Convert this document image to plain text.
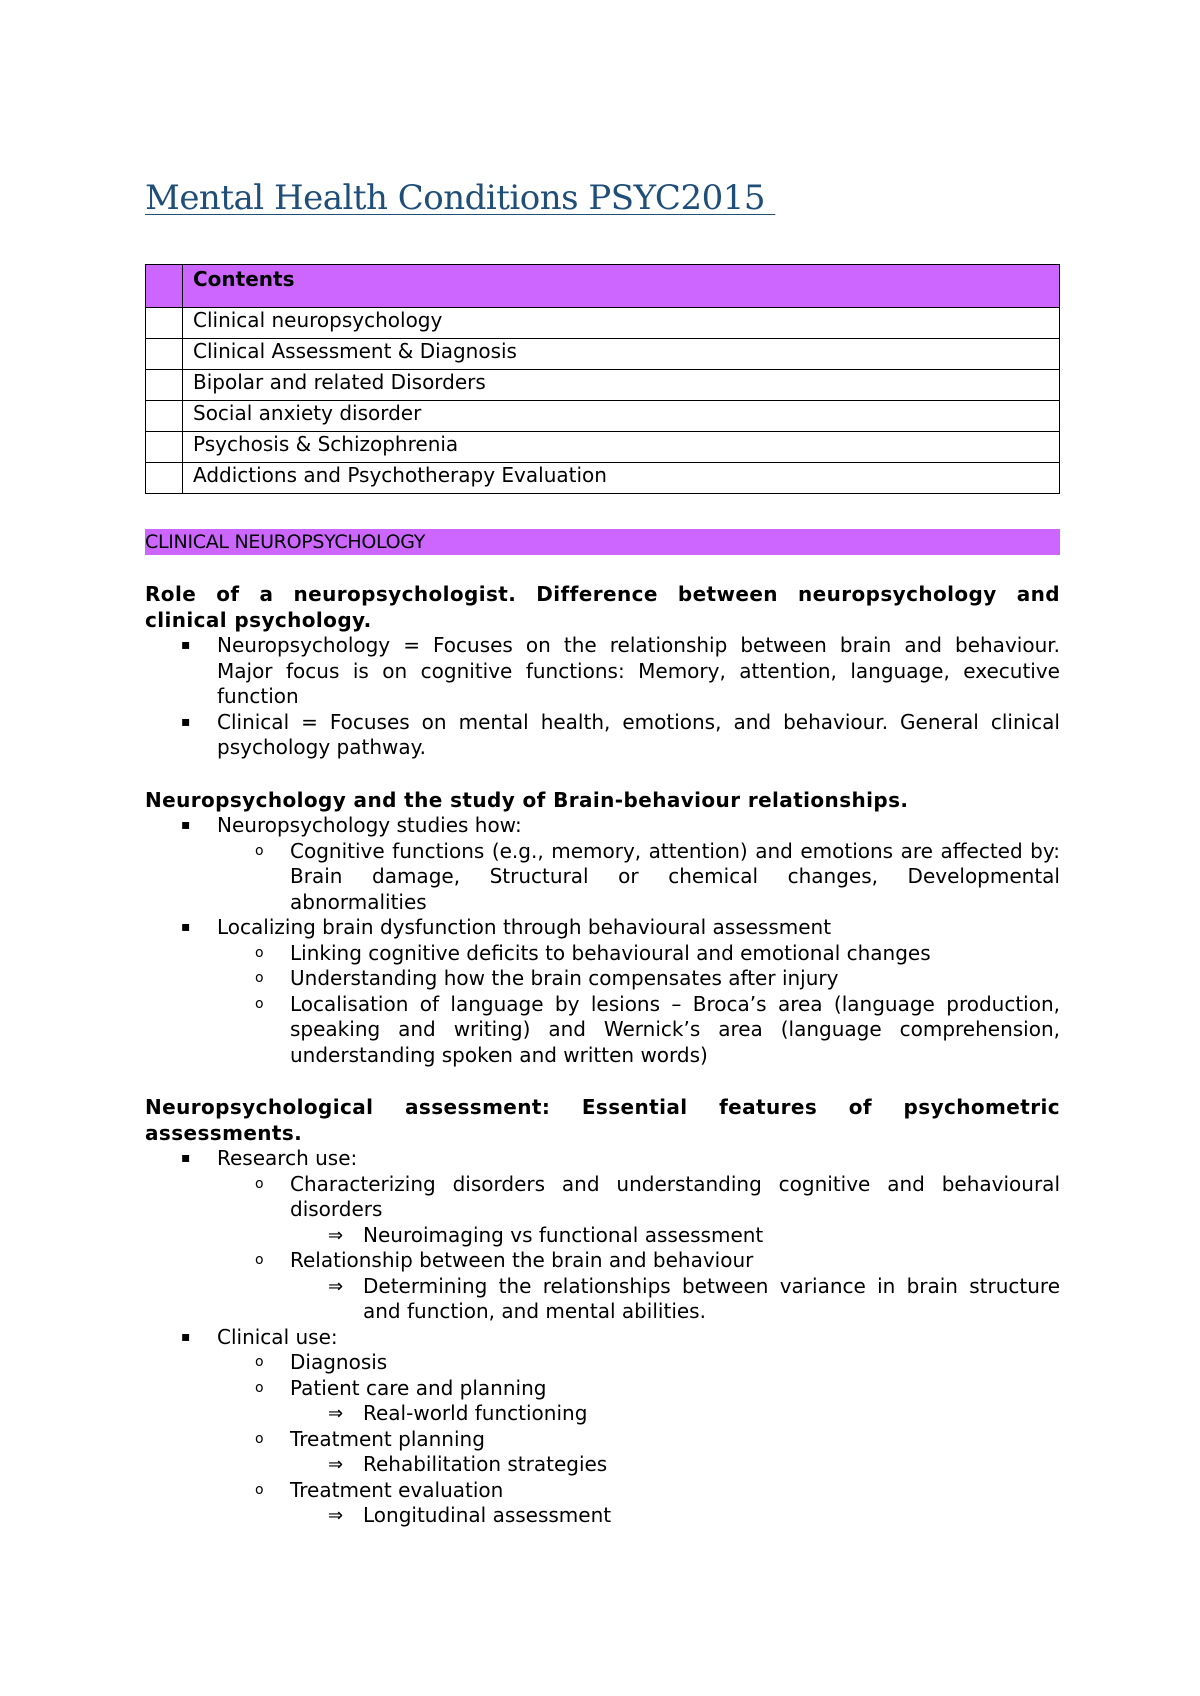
Mental Health Conditions PSYC2015
	Contents
	Clinical neuropsychology
	Clinical Assessment & Diagnosis
	Bipolar and related Disorders
	Social anxiety disorder
	Psychosis & Schizophrenia
	Addictions and Psychotherapy Evaluation
CLINICAL NEUROPSYCHOLOGY
Role of a neuropsychologist. Difference between neuropsychology and clinical psychology.
▪ Neuropsychology = Focuses on the relationship between brain and behaviour. Major focus is on cognitive functions: Memory, attention, language, executive function
▪ Clinical = Focuses on mental health, emotions, and behaviour. General clinical psychology pathway.
Neuropsychology and the study of Brain-behaviour relationships.
▪ Neuropsychology studies how:
o Cognitive functions (e.g., memory, attention) and emotions are affected by: Brain damage, Structural or chemical changes, Developmental abnormalities
▪ Localizing brain dysfunction through behavioural assessment
o Linking cognitive deficits to behavioural and emotional changes
o Understanding how the brain compensates after injury
o Localisation of language by lesions – Broca’s area (language production, speaking and writing) and Wernick’s area (language comprehension, understanding spoken and written words)
Neuropsychological assessment: Essential features of psychometric assessments.
▪ Research use:
o Characterizing disorders and understanding cognitive and behavioural disorders
⇒ Neuroimaging vs functional assessment
o Relationship between the brain and behaviour
⇒ Determining the relationships between variance in brain structure and function, and mental abilities.
▪ Clinical use:
o Diagnosis
o Patient care and planning
⇒ Real-world functioning
o Treatment planning
⇒ Rehabilitation strategies
o Treatment evaluation
⇒ Longitudinal assessment
